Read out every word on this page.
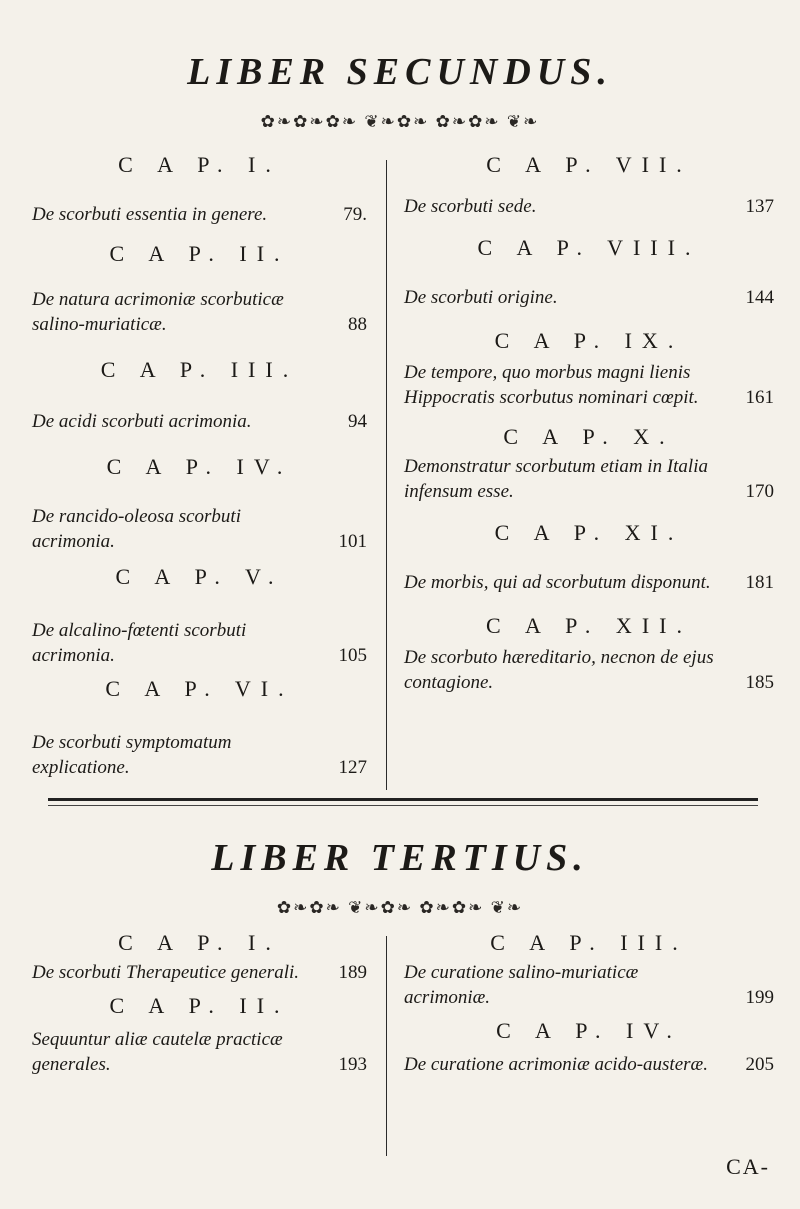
LIBER SECUNDUS.

✿❧✿❧✿❧ ❦❧✿❧ ✿❧✿❧ ❦❧

C A P. I.

De scorbuti essentia in genere.	79.

C A P. II.

De natura acrimoniæ scorbuticæ salino-muriaticæ.	88

C A P. III.

De acidi scorbuti acrimonia.	94

C A P. IV.

De rancido-oleosa scorbuti acrimonia.	101

C A P. V.

De alcalino-fœtenti scorbuti acrimonia.	105

C A P. VI.

De scorbuti symptomatum explicatione.	127

C A P. VII.

De scorbuti sede.	137

C A P. VIII.

De scorbuti origine.	144

C A P. IX.

De tempore, quo morbus magni lienis Hippocratis scorbutus nominari cœpit.	161

C A P. X.

Demonstratur scorbutum etiam in Italia infensum esse.	170

C A P. XI.

De morbis, qui ad scorbutum disponunt.	181

C A P. XII.

De scorbuto hæreditario, necnon de ejus contagione.	185

LIBER TERTIUS.

✿❧✿❧ ❦❧✿❧ ✿❧✿❧ ❦❧

C A P. I.

De scorbuti Therapeutice generali.	189

C A P. II.

Sequuntur aliæ cautelæ practicæ generales.	193

C A P. III.

De curatione salino-muriaticæ acrimoniæ.	199

C A P. IV.

De curatione acrimoniæ acido-austeræ.	205

CA-
